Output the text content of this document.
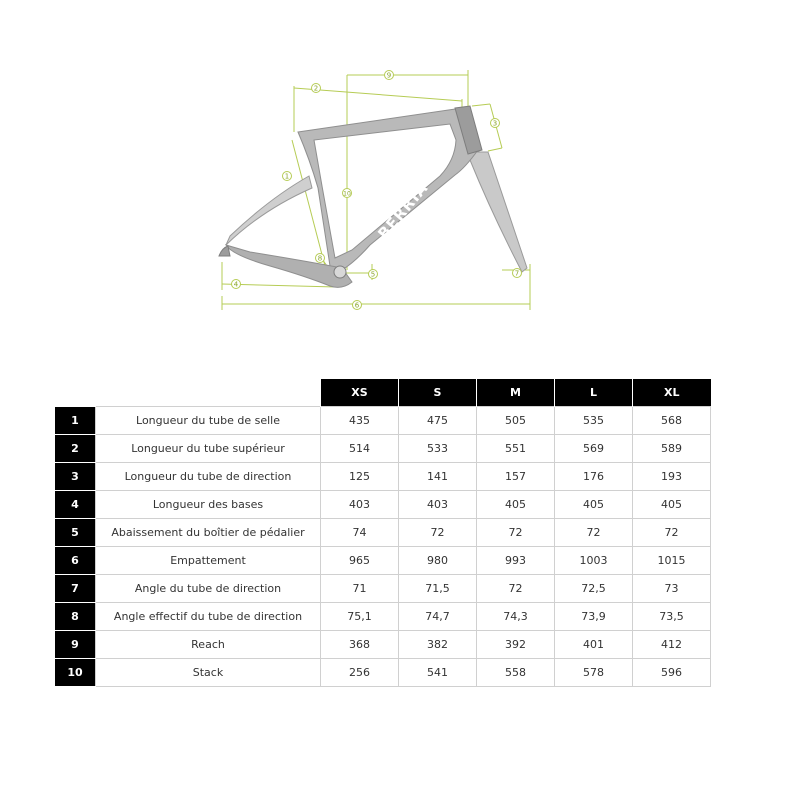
BERRIA
1
2
3
4
5
6
7
8
9
10
		XS	S	M	L	XL
1	Longueur du tube de selle	435	475	505	535	568
2	Longueur du tube supérieur	514	533	551	569	589
3	Longueur du tube de direction	125	141	157	176	193
4	Longueur des bases	403	403	405	405	405
5	Abaissement du boîtier de pédalier	74	72	72	72	72
6	Empattement	965	980	993	1003	1015
7	Angle du tube de direction	71	71,5	72	72,5	73
8	Angle effectif du tube de direction	75,1	74,7	74,3	73,9	73,5
9	Reach	368	382	392	401	412
10	Stack	256	541	558	578	596
